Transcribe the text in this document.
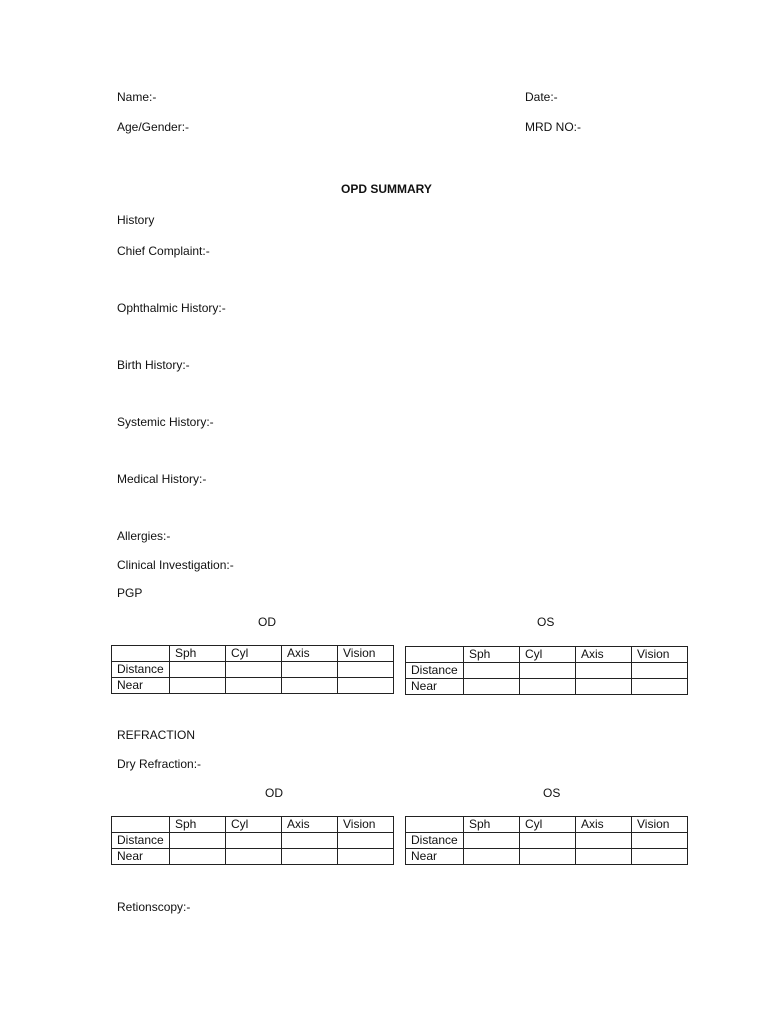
Name:-	Date:-
Age/Gender:-	MRD NO:-
OPD SUMMARY
History
Chief Complaint:-
Ophthalmic History:-
Birth History:-
Systemic History:-
Medical History:-
Allergies:-
Clinical Investigation:-
PGP
OD	OS
	Sph	Cyl	Axis	Vision
Distance				
Near				
	Sph	Cyl	Axis	Vision
Distance				
Near				
REFRACTION
Dry Refraction:-
OD	OS
	Sph	Cyl	Axis	Vision
Distance				
Near				
	Sph	Cyl	Axis	Vision
Distance				
Near				
Retionscopy:-
